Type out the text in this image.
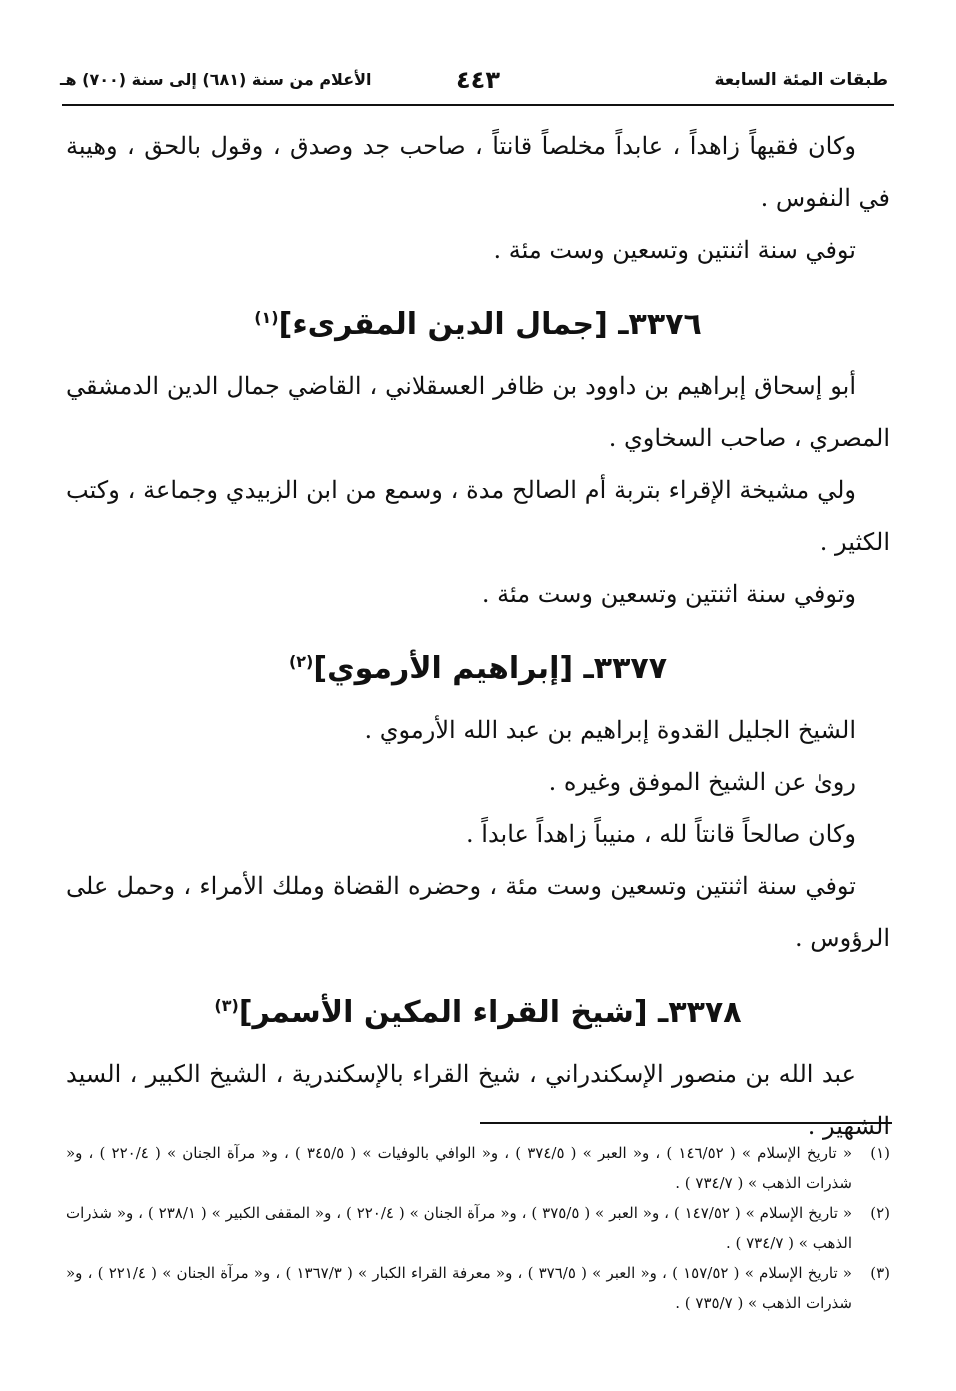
طبقات المئة السابعة
٤٤٣
الأعلام من سنة (٦٨١) إلى سنة (٧٠٠) هـ

وكان فقيهاً زاهداً ، عابداً مخلصاً قانتاً ، صاحب جد وصدق ، وقول بالحق ، وهيبة في النفوس .

توفي سنة اثنتين وتسعين وست مئة .

٣٣٧٦ـ [جمال الدين المقرىء]$^{(١)}$

أبو إسحاق إبراهيم بن داوود بن ظافر العسقلاني ، القاضي جمال الدين الدمشقي المصري ، صاحب السخاوي .

ولي مشيخة الإقراء بتربة أم الصالح مدة ، وسمع من ابن الزبيدي وجماعة ، وكتب الكثير .

وتوفي سنة اثنتين وتسعين وست مئة .

٣٣٧٧ـ [إبراهيم الأرموي]$^{(٢)}$

الشيخ الجليل القدوة إبراهيم بن عبد الله الأرموي .

روىٰ عن الشيخ الموفق وغيره .

وكان صالحاً قانتاً لله ، منيباً زاهداً عابداً .

توفي سنة اثنتين وتسعين وست مئة ، وحضره القضاة وملك الأمراء ، وحمل على الرؤوس .

٣٣٧٨ـ [شيخ القراء المكين الأسمر]$^{(٣)}$

عبد الله بن منصور الإسكندراني ، شيخ القراء بالإسكندرية ، الشيخ الكبير ، السيد الشهير .

(١)
« تاريخ الإسلام » ( ١٤٦/٥٢ ) ، و« العبر » ( ٣٧٤/٥ ) ، و« الوافي بالوفيات » ( ٣٤٥/٥ ) ، و« مرآة الجنان » ( ٢٢٠/٤ ) ، و« شذرات الذهب » ( ٧٣٤/٧ ) .
(٢)
« تاريخ الإسلام » ( ١٤٧/٥٢ ) ، و« العبر » ( ٣٧٥/٥ ) ، و« مرآة الجنان » ( ٢٢٠/٤ ) ، و« المقفى الكبير » ( ٢٣٨/١ ) ، و« شذرات الذهب » ( ٧٣٤/٧ ) .
(٣)
« تاريخ الإسلام » ( ١٥٧/٥٢ ) ، و« العبر » ( ٣٧٦/٥ ) ، و« معرفة القراء الكبار » ( ١٣٦٧/٣ ) ، و« مرآة الجنان » ( ٢٢١/٤ ) ، و« شذرات الذهب » ( ٧٣٥/٧ ) .
